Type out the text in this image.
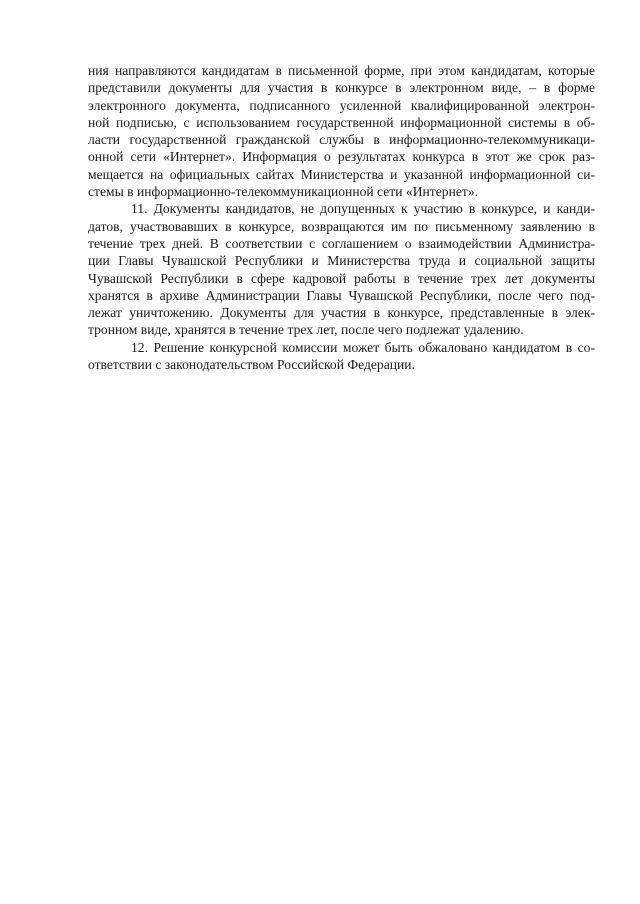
ния направляются кандидатам в письменной форме, при этом кандидатам, которые
представили документы для участия в конкурсе в электронном виде, – в форме
электронного документа, подписанного усиленной квалифицированной электрон-
ной подписью, с использованием государственной информационной системы в об-
ласти государственной гражданской службы в информационно-телекоммуникаци-
онной сети «Интернет». Информация о результатах конкурса в этот же срок раз-
мещается на официальных сайтах Министерства и указанной информационной си-
стемы в информационно-телекоммуникационной сети «Интернет».

11. Документы кандидатов, не допущенных к участию в конкурсе, и канди-
датов, участвовавших в конкурсе, возвращаются им по письменному заявлению в
течение трех дней. В соответствии с соглашением о взаимодействии Администра-
ции Главы Чувашской Республики и Министерства труда и социальной защиты
Чувашской Республики в сфере кадровой работы в течение трех лет документы
хранятся в архиве Администрации Главы Чувашской Республики, после чего под-
лежат уничтожению. Документы для участия в конкурсе, представленные в элек-
тронном виде, хранятся в течение трех лет, после чего подлежат удалению.

12. Решение конкурсной комиссии может быть обжаловано кандидатом в со-
ответствии с законодательством Российской Федерации.
